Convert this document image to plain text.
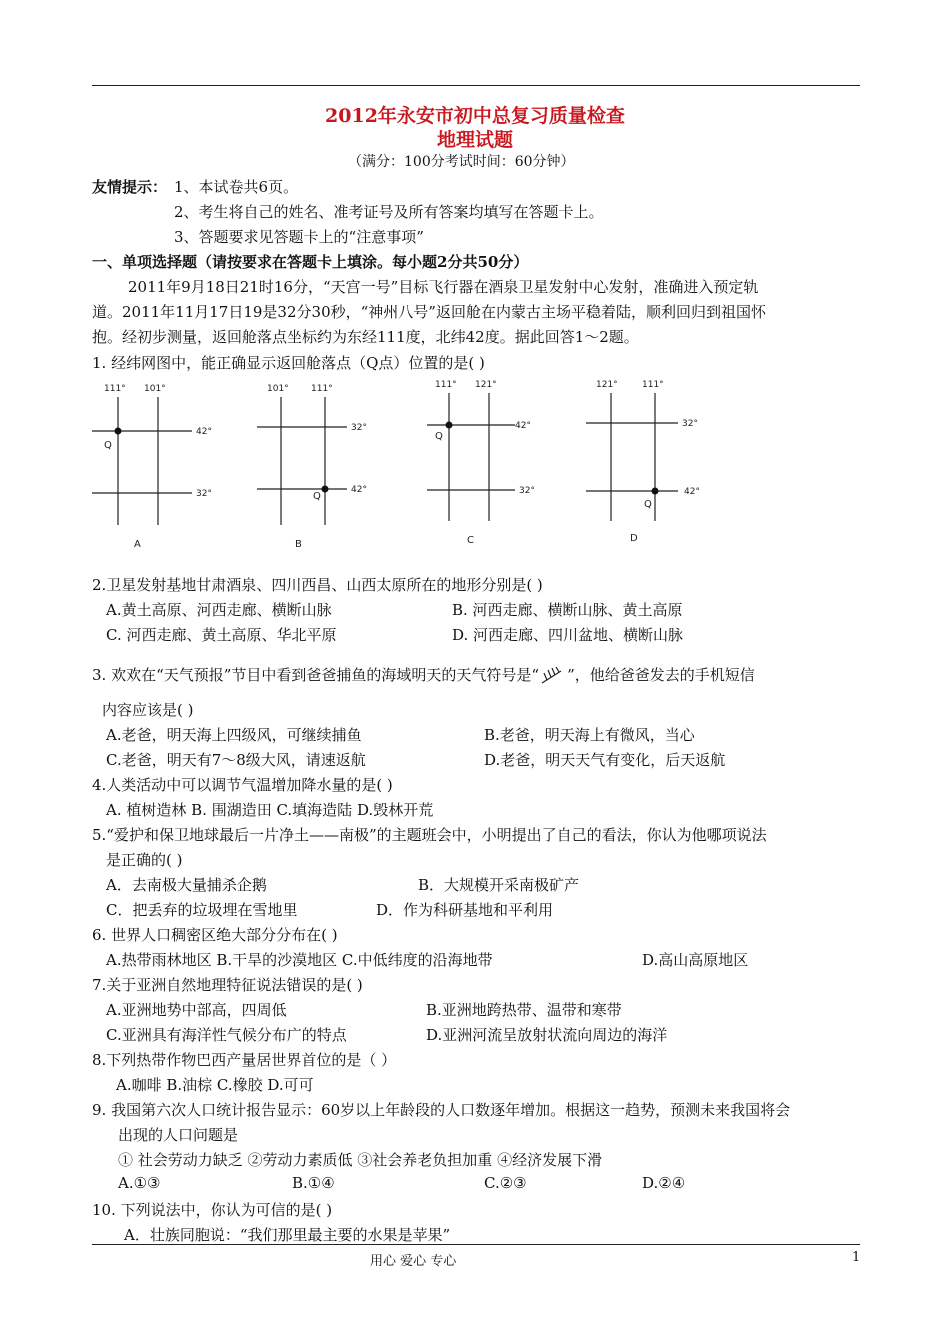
2012年永安市初中总复习质量检查
地理试题
（满分：100分考试时间：60分钟）
友情提示： 1、本试卷共6页。
2、考生将自己的姓名、准考证号及所有答案均填写在答题卡上。
3、答题要求见答题卡上的“注意事项”
一、单项选择题（请按要求在答题卡上填涂。每小题2分共50分）
2011年9月18日21时16分，“天宫一号”目标飞行器在酒泉卫星发射中心发射，准确进入预定轨
道。2011年11月17日19是32分30秒，“神州八号”返回舱在内蒙古主场平稳着陆，顺利回归到祖国怀
抱。经初步测量，返回舱落点坐标约为东经111度，北纬42度。据此回答1～2题。
1. 经纬网图中，能正确显示返回舱落点（Q点）位置的是( )
111° 101°
42°
32°
Q
A
101° 111°
32°
42°
Q
B
111° 121°
42°
32°
Q
C
121°	111°
32°
42°
Q
D
2.卫星发射基地甘肃酒泉、四川西昌、山西太原所在的地形分别是( )
A.黄土高原、河西走廊、横断山脉	B. 河西走廊、横断山脉、黄土高原
C. 河西走廊、黄土高原、华北平原	D. 河西走廊、四川盆地、横断山脉
3. 欢欢在“天气预报”节目中看到爸爸捕鱼的海域明天的天气符号是“ ”，他给爸爸发去的手机短信
内容应该是( )
A.老爸，明天海上四级风，可继续捕鱼	B.老爸，明天海上有微风，当心
C.老爸，明天有7～8级大风，请速返航	D.老爸，明天天气有变化，后天返航
4.人类活动中可以调节气温增加降水量的是( )
A. 植树造林 B. 围湖造田 C.填海造陆 D.毁林开荒
5.“爱护和保卫地球最后一片净土——南极”的主题班会中，小明提出了自己的看法，你认为他哪项说法
是正确的( )
A．去南极大量捕杀企鹅	B．大规模开采南极矿产
C．把丢弃的垃圾埋在雪地里	D．作为科研基地和平利用
6. 世界人口稠密区绝大部分分布在( )
A.热带雨林地区 B.干旱的沙漠地区 C.中低纬度的沿海地带	D.高山高原地区
7.关于亚洲自然地理特征说法错误的是( )
A.亚洲地势中部高，四周低	B.亚洲地跨热带、温带和寒带
C.亚洲具有海洋性气候分布广的特点	D.亚洲河流呈放射状流向周边的海洋
8.下列热带作物巴西产量居世界首位的是（ ）
A.咖啡 B.油棕 C.橡胶 D.可可
9. 我国第六次人口统计报告显示：60岁以上年龄段的人口数逐年增加。根据这一趋势，预测未来我国将会
出现的人口问题是
① 社会劳动力缺乏 ②劳动力素质低 ③社会养老负担加重 ④经济发展下滑
A.①③	B.①④	C.②③	D.②④
10. 下列说法中，你认为可信的是( )
A．壮族同胞说：“我们那里最主要的水果是苹果”
用心 爱心 专心	1
